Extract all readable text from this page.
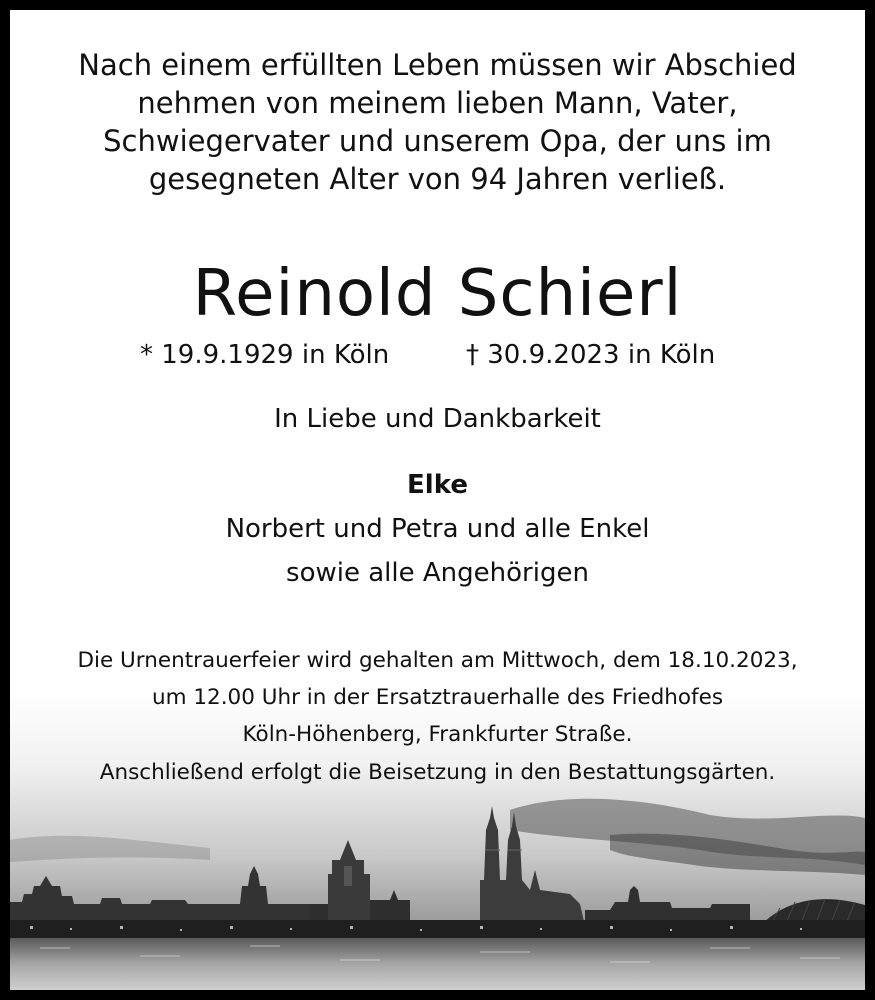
Nach einem erfüllten Leben müssen wir Abschied
nehmen von meinem lieben Mann, Vater,
Schwiegervater und unserem Opa, der uns im
gesegneten Alter von 94 Jahren verließ.
Reinold Schierl
* 19.9.1929 in Köln	† 30.9.2023 in Köln
In Liebe und Dankbarkeit
Elke
Norbert und Petra und alle Enkel
sowie alle Angehörigen
Die Urnentrauerfeier wird gehalten am Mittwoch, dem 18.10.2023,
um 12.00 Uhr in der Ersatztrauerhalle des Friedhofes
Köln-Höhenberg, Frankfurter Straße.
Anschließend erfolgt die Beisetzung in den Bestattungsgärten.
